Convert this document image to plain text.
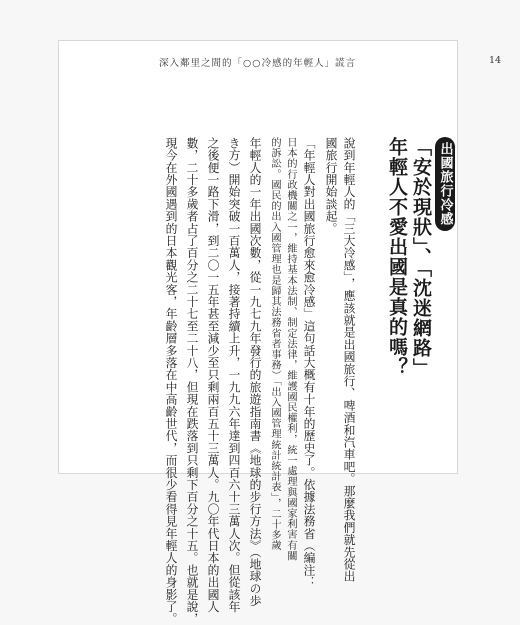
深入鄰里之間的「○○冷感的年輕人」謊言	14
出國旅行冷感
「安於現狀」、「沈迷網路」
年輕人不愛出國是真的嗎？
說到年輕人的「三大冷感」，應該就是出國旅行、啤酒和汽車吧。那麼我們就先從出
國旅行開始談起。
「年輕人對出國旅行愈來愈冷感」這句話大概有十年的歷史了。依據法務省（編注：
日本的行政機關之一，維持基本法制、制定法律，維護國民權利，統一處理與國家利害有關
的訴訟。國民的出入國管理也是歸其法務省者事務）「出入國管理統計統計表」，二十多歲
年輕人的一年出國次數，從一九七九年發行的旅遊指南書《地球的步行方法》（地球の歩
き方）開始突破一百萬人，接著持續上升，一九九六年達到四百六十三萬人次。但從該年
之後便一路下滑，到二〇一五年甚至減少至只剩兩百五十三萬人。九〇年代日本的出國人
數，二十多歲者占了百分之二十七至二十八，但現在跌落到只剩下百分之十五。也就是說，
現今在外國遇到的日本觀光客，年齡層多落在中高齡世代，而很少看得見年輕人的身影了。
